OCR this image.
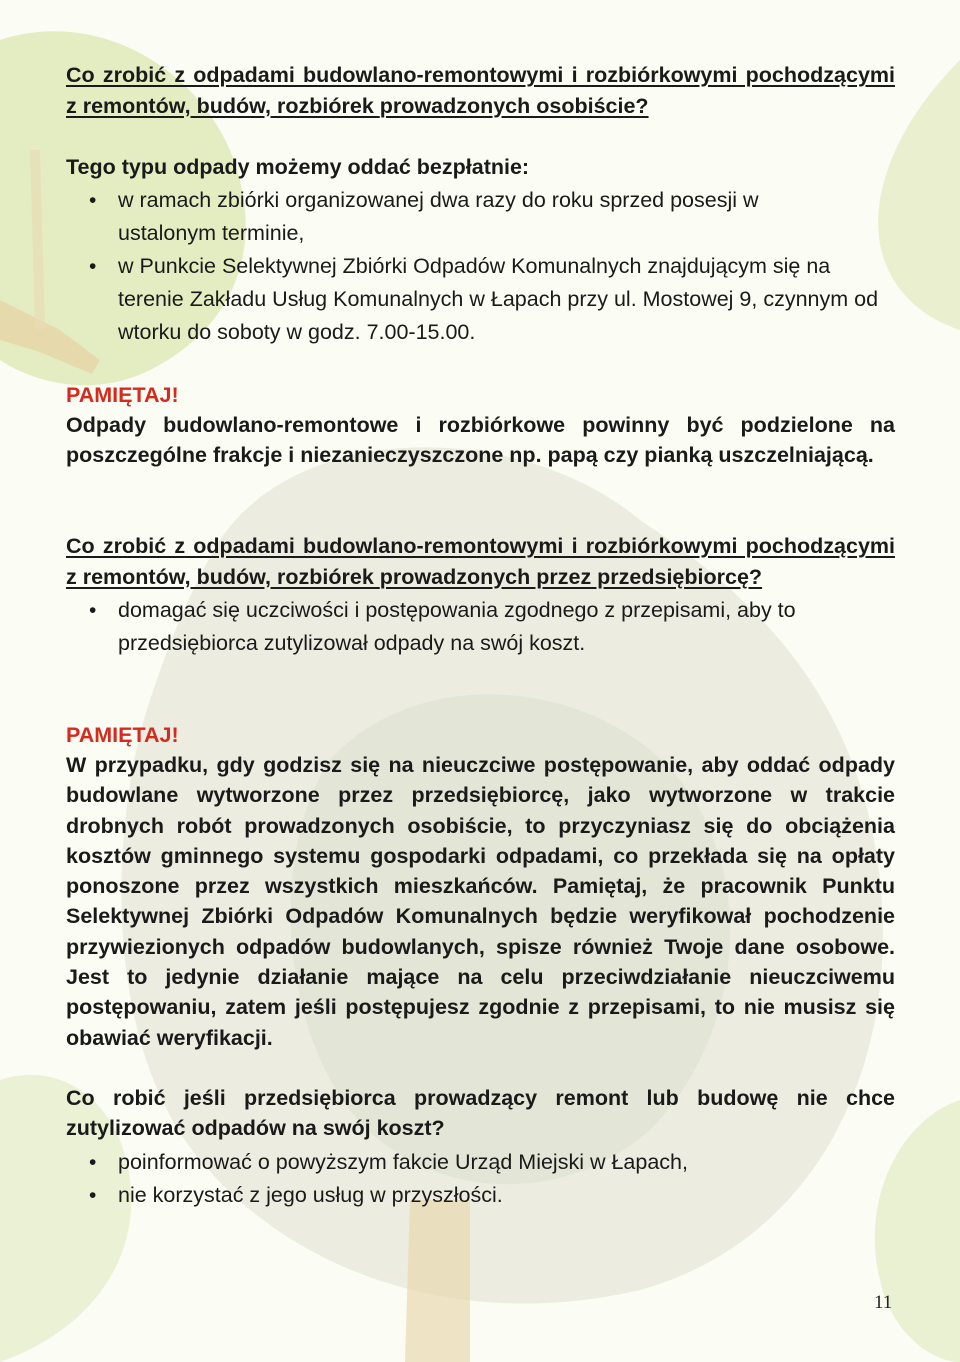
Co zrobić z odpadami budowlano-remontowymi i rozbiórkowymi pochodzącymi z remontów, budów, rozbiórek prowadzonych osobiście?

Tego typu odpady możemy oddać bezpłatnie:

• w ramach zbiórki organizowanej dwa razy do roku sprzed posesji w ustalonym terminie,
• w Punkcie Selektywnej Zbiórki Odpadów Komunalnych znajdującym się na terenie Zakładu Usług Komunalnych w Łapach przy ul. Mostowej 9, czynnym od wtorku do soboty w godz. 7.00-15.00.

PAMIĘTAJ!

Odpady budowlano-remontowe i rozbiórkowe powinny być podzielone na poszczególne frakcje i niezanieczyszczone np. papą czy pianką uszczelniającą.

Co zrobić z odpadami budowlano-remontowymi i rozbiórkowymi pochodzącymi z remontów, budów, rozbiórek prowadzonych przez przedsiębiorcę?

• domagać się uczciwości i postępowania zgodnego z przepisami, aby to przedsiębiorca zutylizował odpady na swój koszt.

PAMIĘTAJ!

W przypadku, gdy godzisz się na nieuczciwe postępowanie, aby oddać odpady budowlane wytworzone przez przedsiębiorcę, jako wytworzone w trakcie drobnych robót prowadzonych osobiście, to przyczyniasz się do obciążenia kosztów gminnego systemu gospodarki odpadami, co przekłada się na opłaty ponoszone przez wszystkich mieszkańców. Pamiętaj, że pracownik Punktu Selektywnej Zbiórki Odpadów Komunalnych będzie weryfikował pochodzenie przywiezionych odpadów budowlanych, spisze również Twoje dane osobowe. Jest to jedynie działanie mające na celu przeciwdziałanie nieuczciwemu postępowaniu, zatem jeśli postępujesz zgodnie z przepisami, to nie musisz się obawiać weryfikacji.

Co robić jeśli przedsiębiorca prowadzący remont lub budowę nie chce zutylizować odpadów na swój koszt?

• poinformować o powyższym fakcie Urząd Miejski w Łapach,
• nie korzystać z jego usług w przyszłości.
11
